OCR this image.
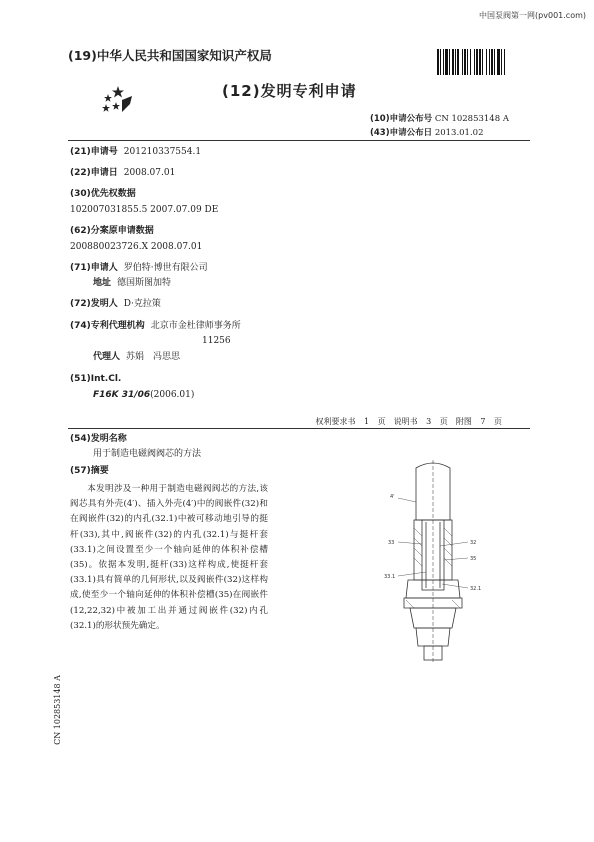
中国泵阀第一网(pv001.com)
(19)中华人民共和国国家知识产权局
(12)发明专利申请
(10)申请公布号 CN 102853148 A
(43)申请公布日 2013.01.02
(21)申请号 201210337554.1
(22)申请日 2008.07.01
(30)优先权数据
102007031855.5 2007.07.09 DE
(62)分案原申请数据
200880023726.X 2008.07.01
(71)申请人 罗伯特·博世有限公司
地址 德国斯图加特
(72)发明人 D·克拉策
(74)专利代理机构 北京市金杜律师事务所
11256
代理人 苏娟　冯思思
(51)Int.Cl.
F16K 31/06(2006.01)
权利要求书 1 页　说明书 3 页　附图 7 页
(54)发明名称
用于制造电磁阀阀芯的方法
(57)摘要
本发明涉及一种用于制造电磁阀阀芯的方法,该阀芯具有外壳(4′)、插入外壳(4′)中的阀嵌件(32)和在阀嵌件(32)的内孔(32.1)中被可移动地引导的挺杆(33),其中,阀嵌件(32)的内孔(32.1)与挺杆套(33.1)之间设置至少一个轴向延伸的体积补偿槽(35)。依据本发明,挺杆(33)这样构成,使挺杆套(33.1)具有简单的几何形状,以及阀嵌件(32)这样构成,使至少一个轴向延伸的体积补偿槽(35)在阀嵌件(12,22,32)中被加工出并通过阀嵌件(32)内孔(32.1)的形状预先确定。
4'
33	32
35
33.1
32.1
CN 102853148 A
